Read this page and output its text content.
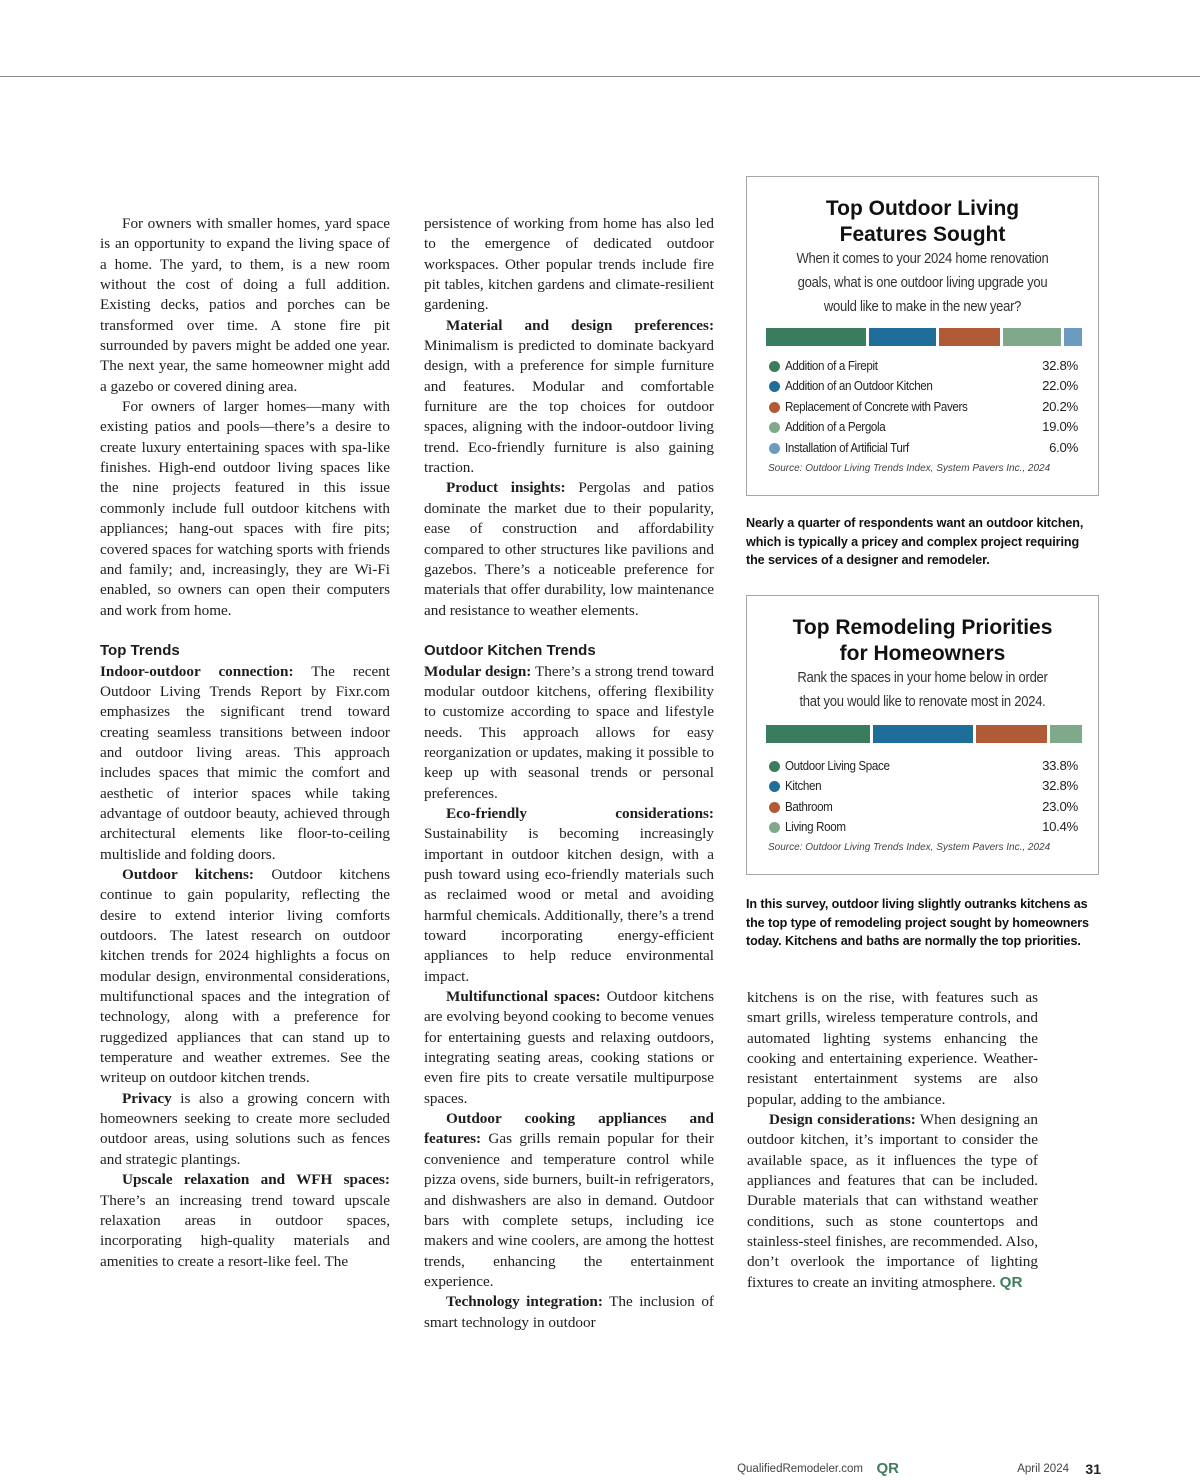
For owners with smaller homes, yard space is an opportunity to expand the living space of a home. The yard, to them, is a new room without the cost of doing a full addition. Existing decks, patios and porches can be transformed over time. A stone fire pit surrounded by pavers might be added one year. The next year, the same homeowner might add a gazebo or covered dining area.

For owners of larger homes—many with existing patios and pools—there’s a desire to create luxury entertaining spaces with spa-like finishes. High-end outdoor living spaces like the nine projects featured in this issue commonly include full outdoor kitchens with appliances; hang-out spaces with fire pits; covered spaces for watching sports with friends and family; and, increasingly, they are Wi-Fi enabled, so owners can open their computers and work from home.

Top Trends

Indoor-outdoor connection: The recent Outdoor Living Trends Report by Fixr.com emphasizes the significant trend toward creating seamless transitions between indoor and outdoor living areas. This approach includes spaces that mimic the comfort and aesthetic of interior spaces while taking advantage of outdoor beauty, achieved through architectural elements like floor-to-ceiling multislide and folding doors.

Outdoor kitchens: Outdoor kitchens continue to gain popularity, reflecting the desire to extend interior living comforts outdoors. The latest research on outdoor kitchen trends for 2024 highlights a focus on modular design, environmental considerations, multifunctional spaces and the integration of technology, along with a preference for ruggedized appliances that can stand up to temperature and weather extremes. See the writeup on outdoor kitchen trends.

Privacy is also a growing concern with homeowners seeking to create more secluded outdoor areas, using solutions such as fences and strategic plantings.

Upscale relaxation and WFH spaces: There’s an increasing trend toward upscale relaxation areas in outdoor spaces, incorporating high-quality materials and amenities to create a resort-like feel. The

persistence of working from home has also led to the emergence of dedicated outdoor workspaces. Other popular trends include fire pit tables, kitchen gardens and climate-resilient gardening.

Material and design preferences: Minimalism is predicted to dominate backyard design, with a preference for simple furniture and features. Modular and comfortable furniture are the top choices for outdoor spaces, aligning with the indoor-outdoor living trend. Eco-friendly furniture is also gaining traction.

Product insights: Pergolas and patios dominate the market due to their popularity, ease of construction and affordability compared to other structures like pavilions and gazebos. There’s a noticeable preference for materials that offer durability, low maintenance and resistance to weather elements.

Outdoor Kitchen Trends

Modular design: There’s a strong trend toward modular outdoor kitchens, offering flexibility to customize according to space and lifestyle needs. This approach allows for easy reorganization or updates, making it possible to keep up with seasonal trends or personal preferences.

Eco-friendly considerations: Sustainability is becoming increasingly important in outdoor kitchen design, with a push toward using eco-friendly materials such as reclaimed wood or metal and avoiding harmful chemicals. Additionally, there’s a trend toward incorporating energy-efficient appliances to help reduce environmental impact.

Multifunctional spaces: Outdoor kitchens are evolving beyond cooking to become venues for entertaining guests and relaxing outdoors, integrating seating areas, cooking stations or even fire pits to create versatile multipurpose spaces.

Outdoor cooking appliances and features: Gas grills remain popular for their convenience and temperature control while pizza ovens, side burners, built-in refrigerators, and dishwashers are also in demand. Outdoor bars with complete setups, including ice makers and wine coolers, are among the hottest trends, enhancing the entertainment experience.

Technology integration: The inclusion of smart technology in outdoor

kitchens is on the rise, with features such as smart grills, wireless temperature controls, and automated lighting systems enhancing the cooking and entertaining experience. Weather-resistant entertainment systems are also popular, adding to the ambiance.

Design considerations: When designing an outdoor kitchen, it’s important to consider the available space, as it influences the type of appliances and features that can be included. Durable materials that can withstand weather conditions, such as stone countertops and stainless-steel finishes, are recommended. Also, don’t overlook the importance of lighting fixtures to create an inviting atmosphere. QR

Top Outdoor Living
Features Sought
When it comes to your 2024 home renovation
goals, what is one outdoor living upgrade you
would like to make in the new year?
Addition of a Firepit	32.8%
Addition of an Outdoor Kitchen	22.0%
Replacement of Concrete with Pavers	20.2%
Addition of a Pergola	19.0%
Installation of Artificial Turf	6.0%
Source: Outdoor Living Trends Index, System Pavers Inc., 2024
Nearly a quarter of respondents want an outdoor kitchen, which is typically a pricey and complex project requiring the services of a designer and remodeler.
Top Remodeling Priorities
for Homeowners
Rank the spaces in your home below in order
that you would like to renovate most in 2024.
Outdoor Living Space	33.8%
Kitchen	32.8%
Bathroom	23.0%
Living Room	10.4%
Source: Outdoor Living Trends Index, System Pavers Inc., 2024
In this survey, outdoor living slightly outranks kitchens as the top type of remodeling project sought by homeowners today. Kitchens and baths are normally the top priorities.
QualifiedRemodeler.com QR	April 2024 31
